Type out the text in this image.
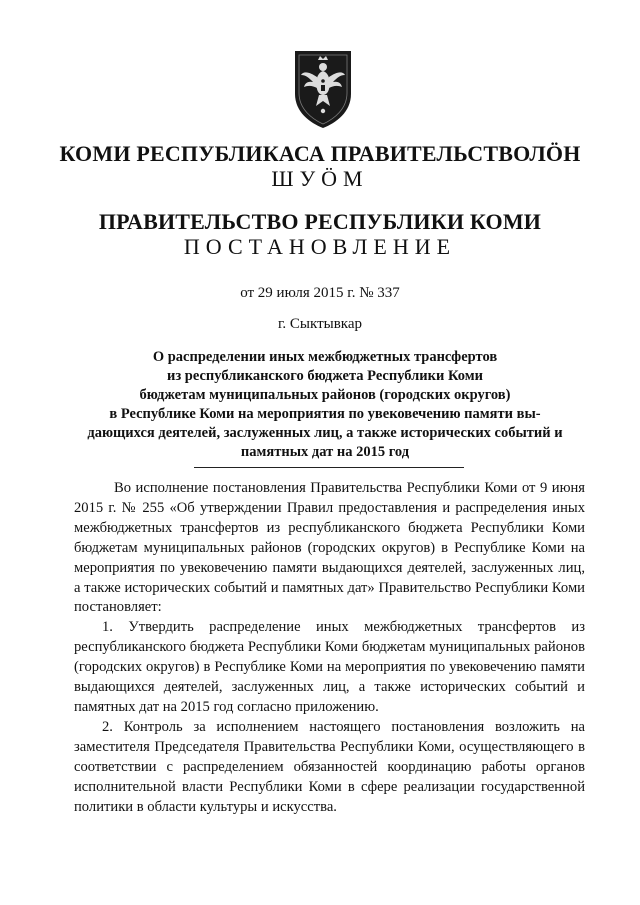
КОМИ РЕСПУБЛИКАСА ПРАВИТЕЛЬСТВОЛÖН
ШУÖМ
ПРАВИТЕЛЬСТВО РЕСПУБЛИКИ КОМИ
ПОСТАНОВЛЕНИЕ
от 29 июля 2015 г. № 337
г. Сыктывкар
О распределении иных межбюджетных трансфертов
из республиканского бюджета Республики Коми
бюджетам муниципальных районов (городских округов)
в Республике Коми на мероприятия по увековечению памяти вы-
дающихся деятелей, заслуженных лиц, а также исторических событий и
памятных дат на 2015 год

Во исполнение постановления Правительства Республики Коми от 9 июня 2015 г. № 255 «Об утверждении Правил предоставления и распределения иных межбюджетных трансфертов из республиканского бюджета Республики Коми бюджетам муниципальных районов (городских округов) в Республике Коми на мероприятия по увековечению памяти выдающихся деятелей, заслуженных лиц, а также исторических событий и памятных дат» Правительство Республики Коми постановляет:

1. Утвердить распределение иных межбюджетных трансфертов из республиканского бюджета Республики Коми бюджетам муниципальных районов (городских округов) в Республике Коми на мероприятия по увековечению памяти выдающихся деятелей, заслуженных лиц, а также исторических событий и памятных дат на 2015 год согласно приложению.

2. Контроль за исполнением настоящего постановления возложить на заместителя Председателя Правительства Республики Коми, осуществляющего в соответствии с распределением обязанностей координацию работы органов исполнительной власти Республики Коми в сфере реализации государственной политики в области культуры и искусства.
